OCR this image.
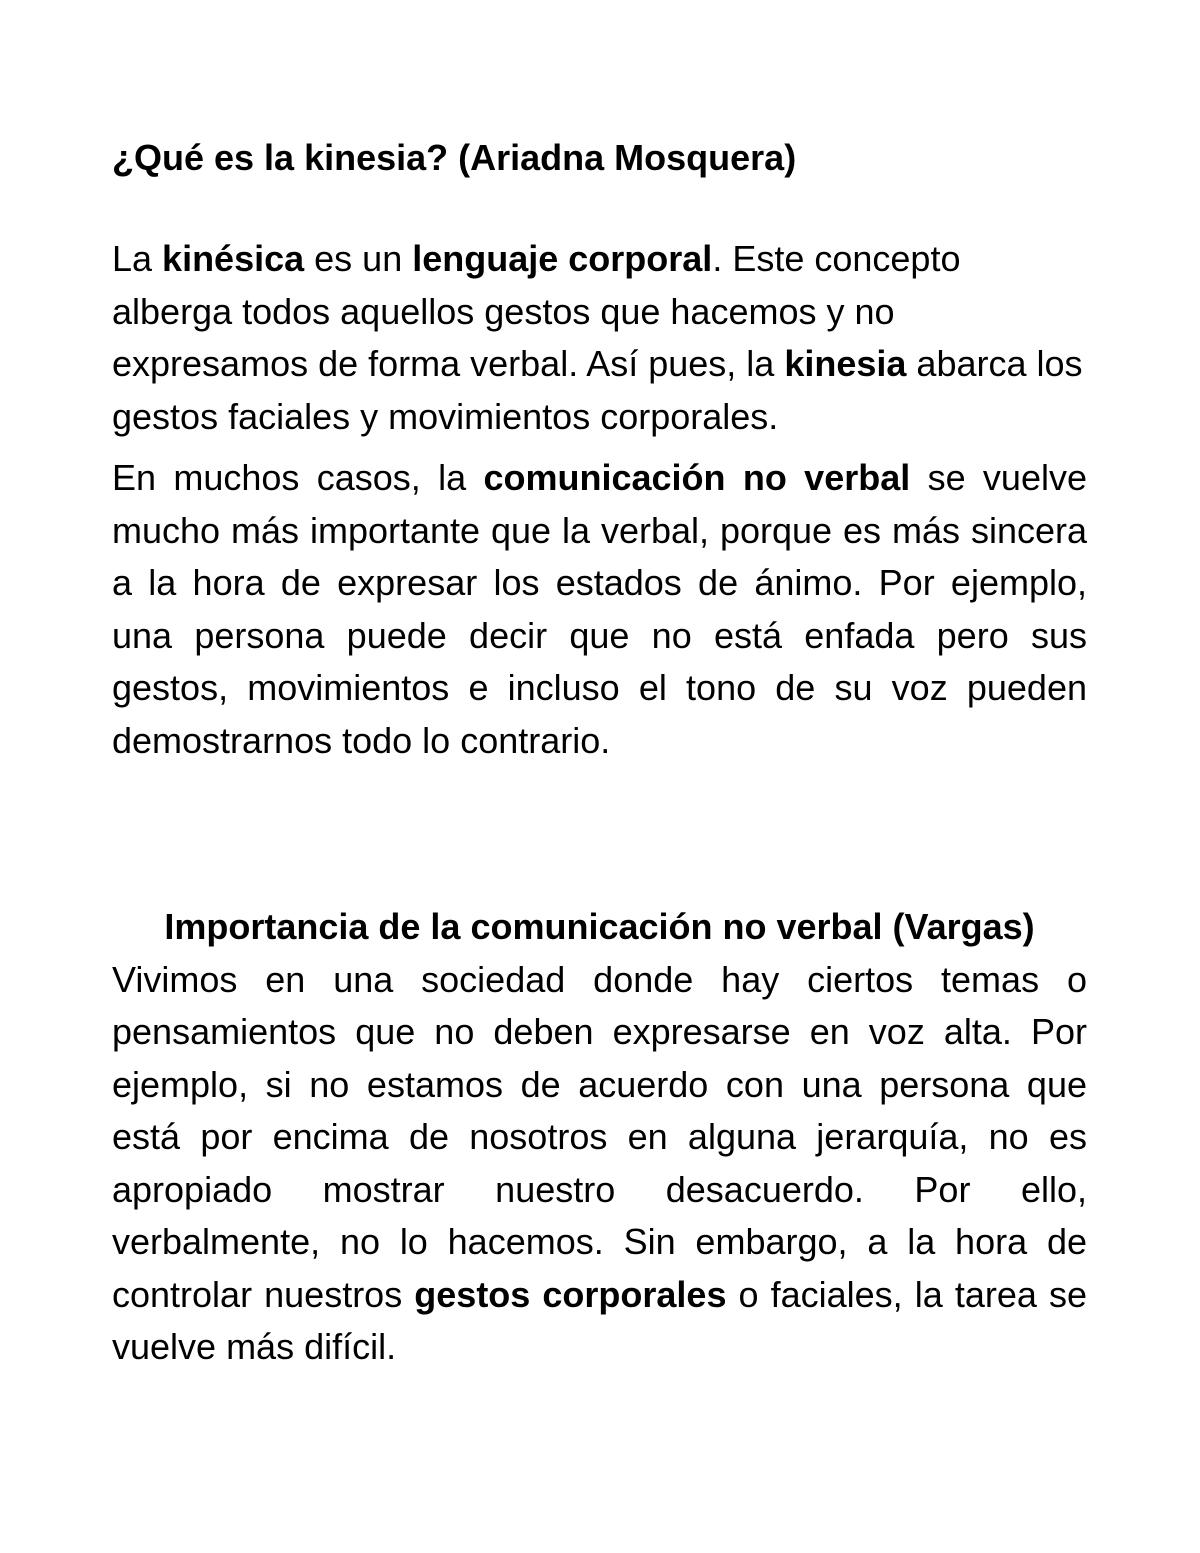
¿Qué es la kinesia? (Ariadna Mosquera)

La kinésica es un lenguaje corporal. Este concepto alberga todos aquellos gestos que hacemos y no expresamos de forma verbal. Así pues, la kinesia abarca los gestos faciales y movimientos corporales.

En muchos casos, la comunicación no verbal se vuelve mucho más importante que la verbal, porque es más sincera a la hora de expresar los estados de ánimo. Por ejemplo, una persona puede decir que no está enfada pero sus gestos, movimientos e incluso el tono de su voz pueden demostrarnos todo lo contrario.

Importancia de la comunicación no verbal (Vargas)

Vivimos en una sociedad donde hay ciertos temas o pensamientos que no deben expresarse en voz alta. Por ejemplo, si no estamos de acuerdo con una persona que está por encima de nosotros en alguna jerarquía, no es apropiado mostrar nuestro desacuerdo. Por ello, verbalmente, no lo hacemos. Sin embargo, a la hora de controlar nuestros gestos corporales o faciales, la tarea se vuelve más difícil.
